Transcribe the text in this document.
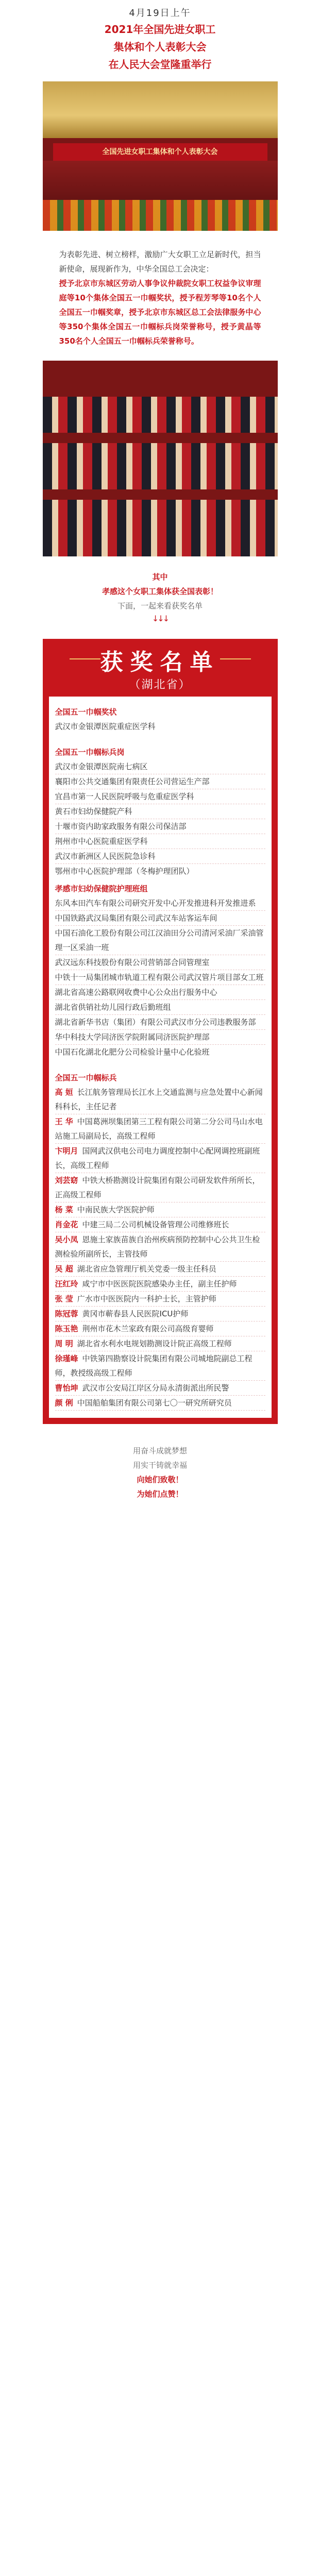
4月19日上午
2021年全国先进女职工
集体和个人表彰大会
在人民大会堂隆重举行
全国先进女职工集体和个人表彰大会

为表彰先进、树立榜样，激励广大女职工立足新时代，担当新使命，展现新作为，中华全国总工会决定：

授予北京市东城区劳动人事争议仲裁院女职工权益争议审理庭等10个集体全国五一巾帼奖状，授予程芳琴等10名个人全国五一巾帼奖章，授予北京市东城区总工会法律服务中心等350个集体全国五一巾帼标兵岗荣誉称号，授予黄晶等350名个人全国五一巾帼标兵荣誉称号。

其中
孝感这个女职工集体获全国表彰！
下面，一起来看获奖名单
↓↓↓
获奖名单
（湖北省）
全国五一巾帼奖状
武汉市金银潭医院重症医学科
全国五一巾帼标兵岗
武汉市金银潭医院南七病区
襄阳市公共交通集团有限责任公司营运生产部
宜昌市第一人民医院呼吸与危重症医学科
黄石市妇幼保健院产科
十堰市资内助家政服务有限公司保洁部
荆州市中心医院重症医学科
武汉市新洲区人民医院急诊科
鄂州市中心医院护理部（冬梅护理团队）
孝感市妇幼保健院护理班组
东风本田汽车有限公司研究开发中心开发推进科开发推进系
中国铁路武汉局集团有限公司武汉车站客运车间
中国石油化工股份有限公司江汉油田分公司清河采油厂采油管理一区采油一班
武汉远东科技股份有限公司营销部合同管理室
中铁十一局集团城市轨道工程有限公司武汉管片项目部女工班
湖北省高速公路联网收费中心公众出行服务中心
湖北省供销社幼儿园行政后勤班组
湖北省新华书店（集团）有限公司武汉市分公司违教服务部
华中科技大学同济医学院附属同济医院护理部
中国石化湖北化肥分公司检验计量中心化验班
全国五一巾帼标兵
高 姮 长江航务管理局长江水上交通监测与应急处置中心新闻科科长，主任记者
王 华 中国葛洲坝集团第三工程有限公司第二分公司马山水电站施工局副局长，高级工程师
卞明月 国网武汉供电公司电力调度控制中心配网调控班副班长，高级工程师
刘芸窈 中铁大桥勘测设计院集团有限公司研发软件所所长，正高级工程师
杨 菜 中南民族大学医院护师
肖金花 中建三局二公司机械设备管理公司维修班长
吴小凤 恩施土家族苗族自治州疾病预防控制中心公共卫生检测检验所副所长，主管技师
吴 超 湖北省应急管理厅机关党委一级主任科员
汪红玲 咸宁市中医医院医院感染办主任，副主任护师
张 莹 广水市中医医院内一科护士长，主管护师
陈冠蓉 黄冈市蕲春县人民医院ICU护师
陈玉艳 荆州市花木兰家政有限公司高级育婴师
周 明 湖北省水利水电规划勘测设计院正高级工程师
徐瑾峰 中铁第四勘察设计院集团有限公司城地院副总工程师，教授级高级工程师
曹怡坤 武汉市公安局江岸区分局永清街派出所民警
颜 俐 中国船舶集团有限公司第七〇一研究所研究员
用奋斗成就梦想
用实干铸就幸福
向她们致敬！
为她们点赞！
